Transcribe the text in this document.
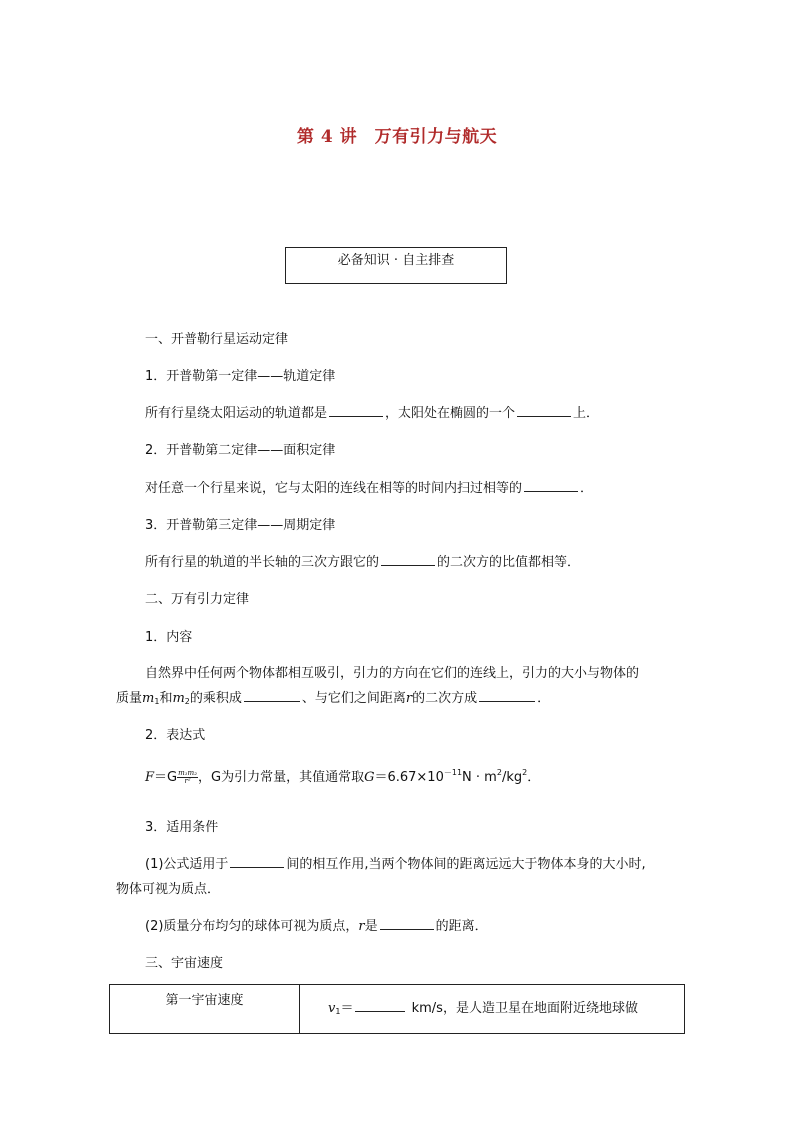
第 4 讲　万有引力与航天
必备知识 · 自主排查
一、开普勒行星运动定律
1．开普勒第一定律——轨道定律
所有行星绕太阳运动的轨道都是	，太阳处在椭圆的一个	上．
2．开普勒第二定律——面积定律
对任意一个行星来说，它与太阳的连线在相等的时间内扫过相等的	．
3．开普勒第三定律——周期定律
所有行星的轨道的半长轴的三次方跟它的	的二次方的比值都相等．
二、万有引力定律
1．内容
自然界中任何两个物体都相互吸引，引力的方向在它们的连线上，引力的大小与物体的
质量$m_1$和$m_2$的乘积成	、与它们之间距离r的二次方成	．
2．表达式
$F=G \frac{\text{m₁m₂}}{\text{r²}}$ ，G为引力常量，其值通常取$G=6.67\times 10^{-11}N \cdot m^2/kg^2$．
3．适用条件
(1)公式适用于	间的相互作用,当两个物体间的距离远远大于物体本身的大小时,
物体可视为质点．
(2)质量分布均匀的球体可视为质点，r是	的距离．
三、宇宙速度
第一宇宙速度	$v_1=$	km/s，是人造卫星在地面附近绕地球做
